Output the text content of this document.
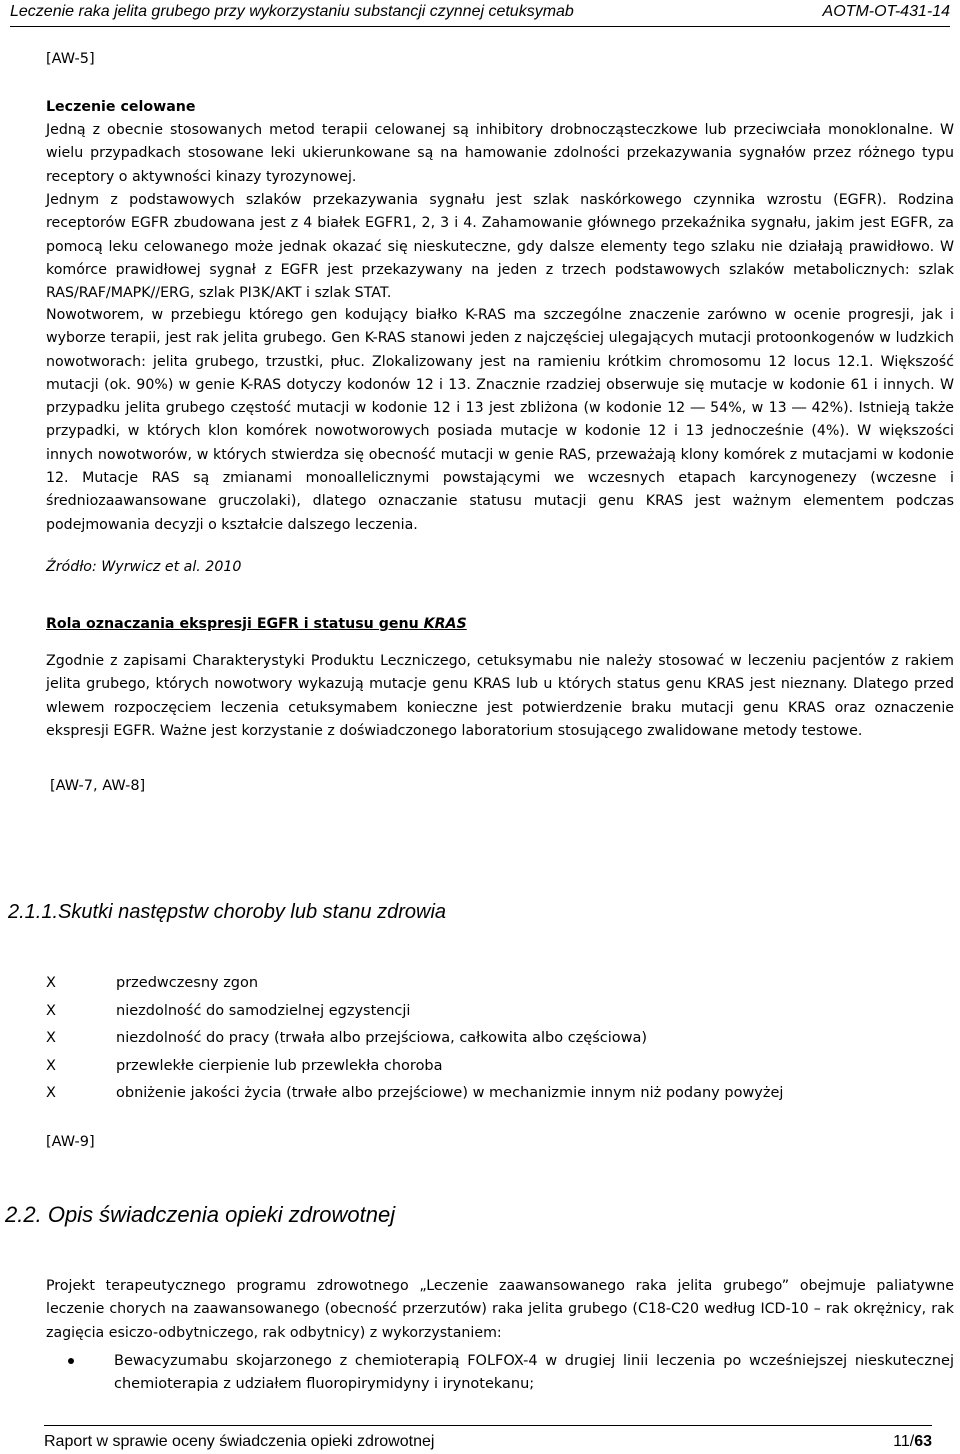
Leczenie raka jelita grubego przy wykorzystaniu substancji czynnej cetuksymab	AOTM-OT-431-14
[AW-5]
Leczenie celowane
Jedną z obecnie stosowanych metod terapii celowanej są inhibitory drobnocząsteczkowe lub przeciwciała monoklonalne. W wielu przypadkach stosowane leki ukierunkowane są na hamowanie zdolności przekazywania sygnałów przez różnego typu receptory o aktywności kinazy tyrozynowej.
Jednym z podstawowych szlaków przekazywania sygnału jest szlak naskórkowego czynnika wzrostu (EGFR). Rodzina receptorów EGFR zbudowana jest z 4 białek EGFR1, 2, 3 i 4. Zahamowanie głównego przekaźnika sygnału, jakim jest EGFR, za pomocą leku celowanego może jednak okazać się nieskuteczne, gdy dalsze elementy tego szlaku nie działają prawidłowo. W komórce prawidłowej sygnał z EGFR jest przekazywany na jeden z trzech podstawowych szlaków metabolicznych: szlak RAS/RAF/MAPK//ERG, szlak PI3K/AKT i szlak STAT.
Nowotworem, w przebiegu którego gen kodujący białko K-RAS ma szczególne znaczenie zarówno w ocenie progresji, jak i wyborze terapii, jest rak jelita grubego. Gen K-RAS stanowi jeden z najczęściej ulegających mutacji protoonkogenów w ludzkich nowotworach: jelita grubego, trzustki, płuc. Zlokalizowany jest na ramieniu krótkim chromosomu 12 locus 12.1. Większość mutacji (ok. 90%) w genie K-RAS dotyczy kodonów 12 i 13. Znacznie rzadziej obserwuje się mutacje w kodonie 61 i innych. W przypadku jelita grubego częstość mutacji w kodonie 12 i 13 jest zbliżona (w kodonie 12 ― 54%, w 13 ― 42%). Istnieją także przypadki, w których klon komórek nowotworowych posiada mutacje w kodonie 12 i 13 jednocześnie (4%). W większości innych nowotworów, w których stwierdza się obecność mutacji w genie RAS, przeważają klony komórek z mutacjami w kodonie 12. Mutacje RAS są zmianami monoallelicznymi powstającymi we wczesnych etapach karcynogenezy (wczesne i średniozaawansowane gruczolaki), dlatego oznaczanie statusu mutacji genu KRAS jest ważnym elementem podczas podejmowania decyzji o kształcie dalszego leczenia.
Źródło: Wyrwicz et al. 2010
Rola oznaczania ekspresji EGFR i statusu genu KRAS
Zgodnie z zapisami Charakterystyki Produktu Leczniczego, cetuksymabu nie należy stosować w leczeniu pacjentów z rakiem jelita grubego, których nowotwory wykazują mutacje genu KRAS lub u których status genu KRAS jest nieznany. Dlatego przed wlewem rozpoczęciem leczenia cetuksymabem konieczne jest potwierdzenie braku mutacji genu KRAS oraz oznaczenie ekspresji EGFR. Ważne jest korzystanie z doświadczonego laboratorium stosującego zwalidowane metody testowe.
[AW-7, AW-8]
2.1.1.Skutki następstw choroby lub stanu zdrowia
X	przedwczesny zgon
X	niezdolność do samodzielnej egzystencji
X	niezdolność do pracy (trwała albo przejściowa, całkowita albo częściowa)
X	przewlekłe cierpienie lub przewlekła choroba
X	obniżenie jakości życia (trwałe albo przejściowe) w mechanizmie innym niż podany powyżej
[AW-9]
2.2. Opis świadczenia opieki zdrowotnej
Projekt terapeutycznego programu zdrowotnego „Leczenie zaawansowanego raka jelita grubego” obejmuje paliatywne leczenie chorych na zaawansowanego (obecność przerzutów) raka jelita grubego (C18-C20 według ICD-10 – rak okrężnicy, rak zagięcia esiczo-odbytniczego, rak odbytnicy) z wykorzystaniem:
Bewacyzumabu skojarzonego z chemioterapią FOLFOX-4 w drugiej linii leczenia po wcześniejszej nieskutecznej chemioterapia z udziałem fluoropirymidyny i irynotekanu;
Raport w sprawie oceny świadczenia opieki zdrowotnej	11/63
